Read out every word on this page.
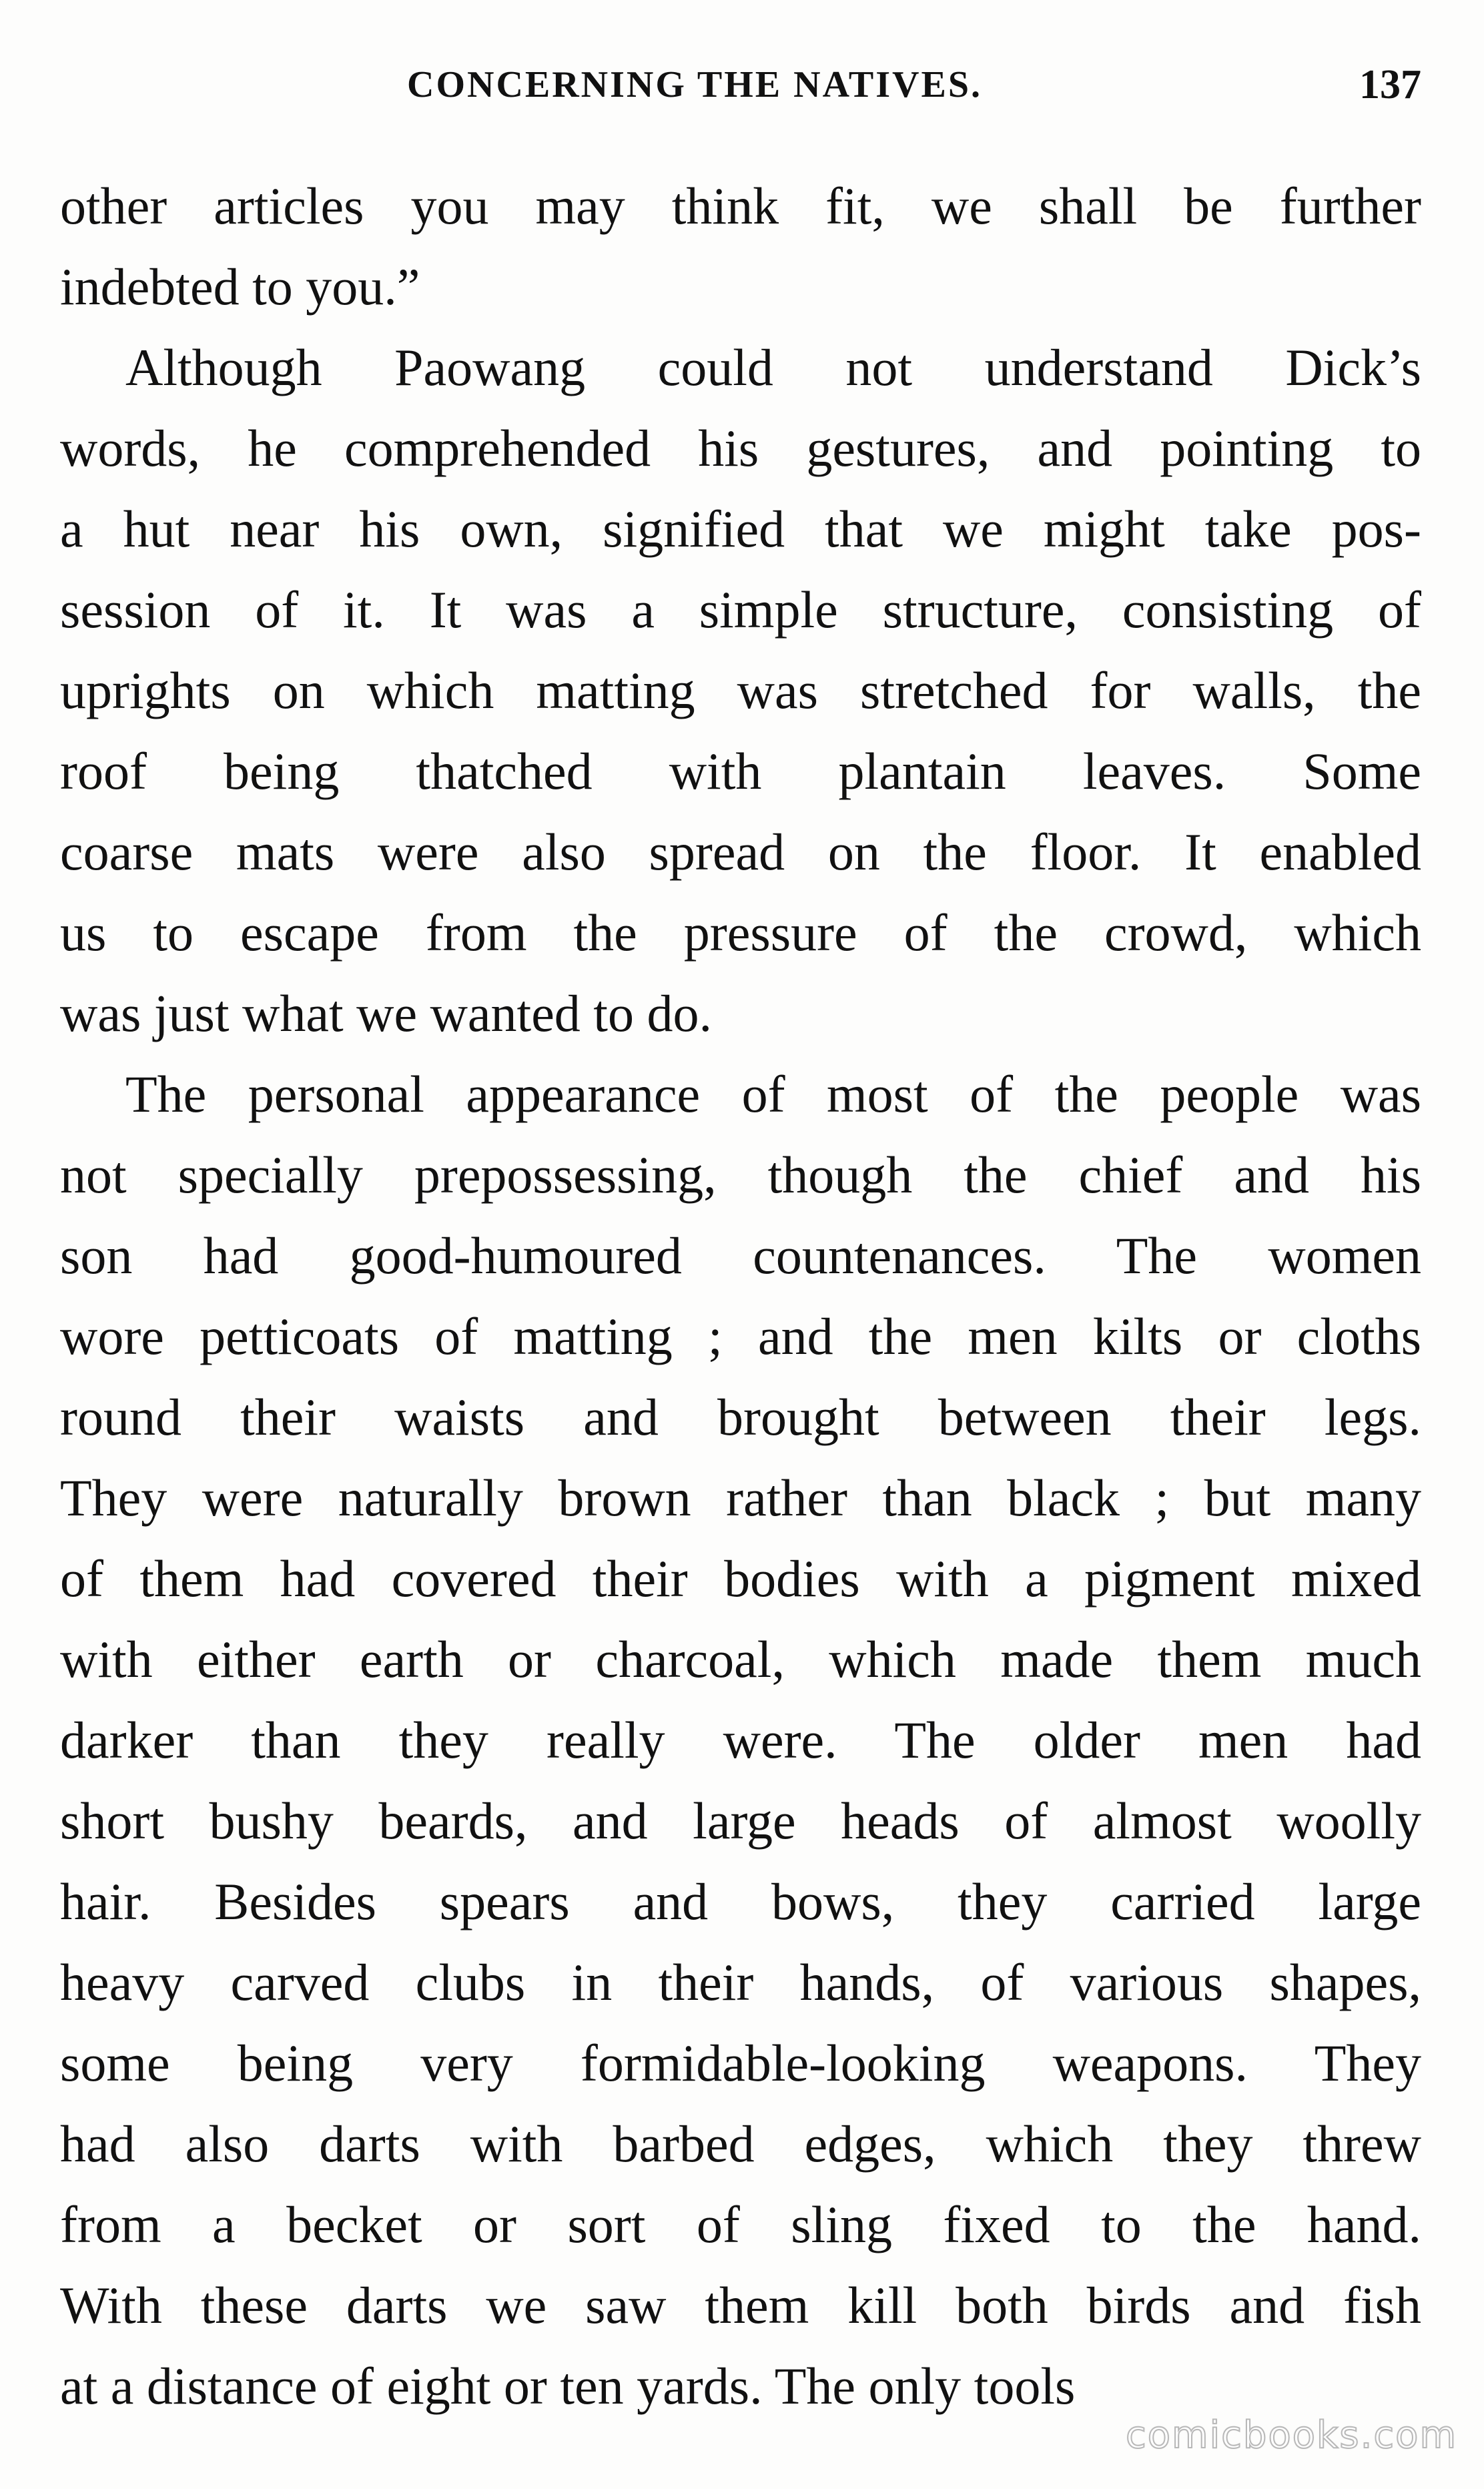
CONCERNING THE NATIVES.	137
other articles you may think fit, we shall be further
indebted to you.”
Although Paowang could not understand Dick’s
words, he comprehended his gestures, and pointing to
a hut near his own, signified that we might take pos-
session of it. It was a simple structure, consisting of
uprights on which matting was stretched for walls, the
roof being thatched with plantain leaves. Some
coarse mats were also spread on the floor. It enabled
us to escape from the pressure of the crowd, which
was just what we wanted to do.
The personal appearance of most of the people was
not specially prepossessing, though the chief and his
son had good-humoured countenances. The women
wore petticoats of matting ; and the men kilts or cloths
round their waists and brought between their legs.
They were naturally brown rather than black ; but many
of them had covered their bodies with a pigment mixed
with either earth or charcoal, which made them much
darker than they really were. The older men had
short bushy beards, and large heads of almost woolly
hair. Besides spears and bows, they carried large
heavy carved clubs in their hands, of various shapes,
some being very formidable-looking weapons. They
had also darts with barbed edges, which they threw
from a becket or sort of sling fixed to the hand.
With these darts we saw them kill both birds and fish
at a distance of eight or ten yards. The only tools
comicbooks.com
